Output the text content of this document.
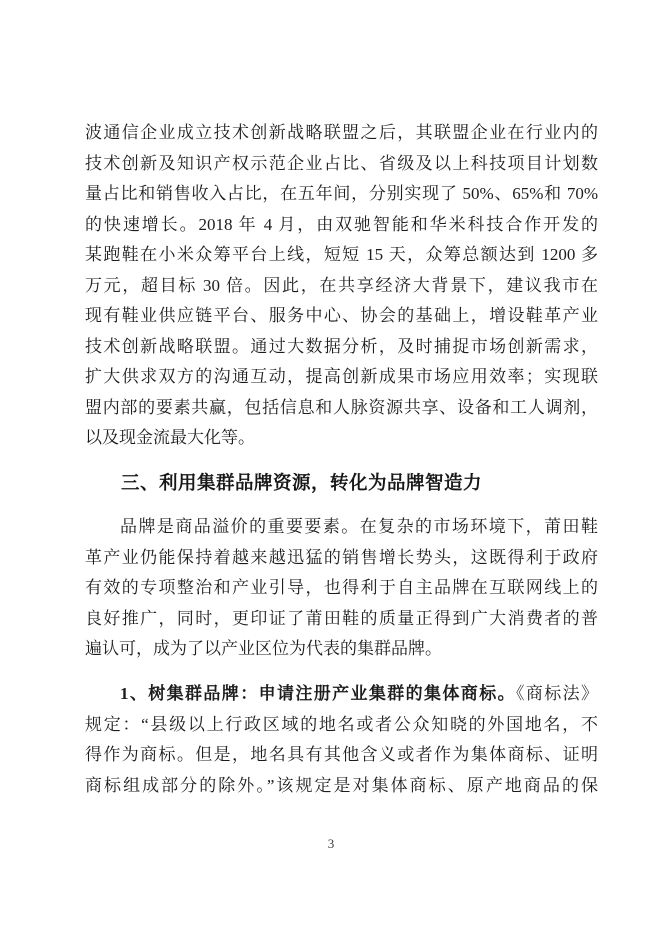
波通信企业成立技术创新战略联盟之后，其联盟企业在行业内的
技术创新及知识产权示范企业占比、省级及以上科技项目计划数
量占比和销售收入占比，在五年间，分别实现了 50%、65%和 70%
的快速增长。2018 年 4 月，由双驰智能和华米科技合作开发的
某跑鞋在小米众筹平台上线，短短 15 天，众筹总额达到 1200 多
万元，超目标 30 倍。因此，在共享经济大背景下，建议我市在
现有鞋业供应链平台、服务中心、协会的基础上，增设鞋革产业
技术创新战略联盟。通过大数据分析，及时捕捉市场创新需求，
扩大供求双方的沟通互动，提高创新成果市场应用效率；实现联
盟内部的要素共赢，包括信息和人脉资源共享、设备和工人调剂，
以及现金流最大化等。
三、利用集群品牌资源，转化为品牌智造力
品牌是商品溢价的重要要素。在复杂的市场环境下，莆田鞋
革产业仍能保持着越来越迅猛的销售增长势头，这既得利于政府
有效的专项整治和产业引导，也得利于自主品牌在互联网线上的
良好推广，同时，更印证了莆田鞋的质量正得到广大消费者的普
遍认可，成为了以产业区位为代表的集群品牌。
1、树集群品牌：申请注册产业集群的集体商标。《商标法》
规定：“县级以上行政区域的地名或者公众知晓的外国地名，不
得作为商标。但是，地名具有其他含义或者作为集体商标、证明
商标组成部分的除外。”该规定是对集体商标、原产地商品的保
3
